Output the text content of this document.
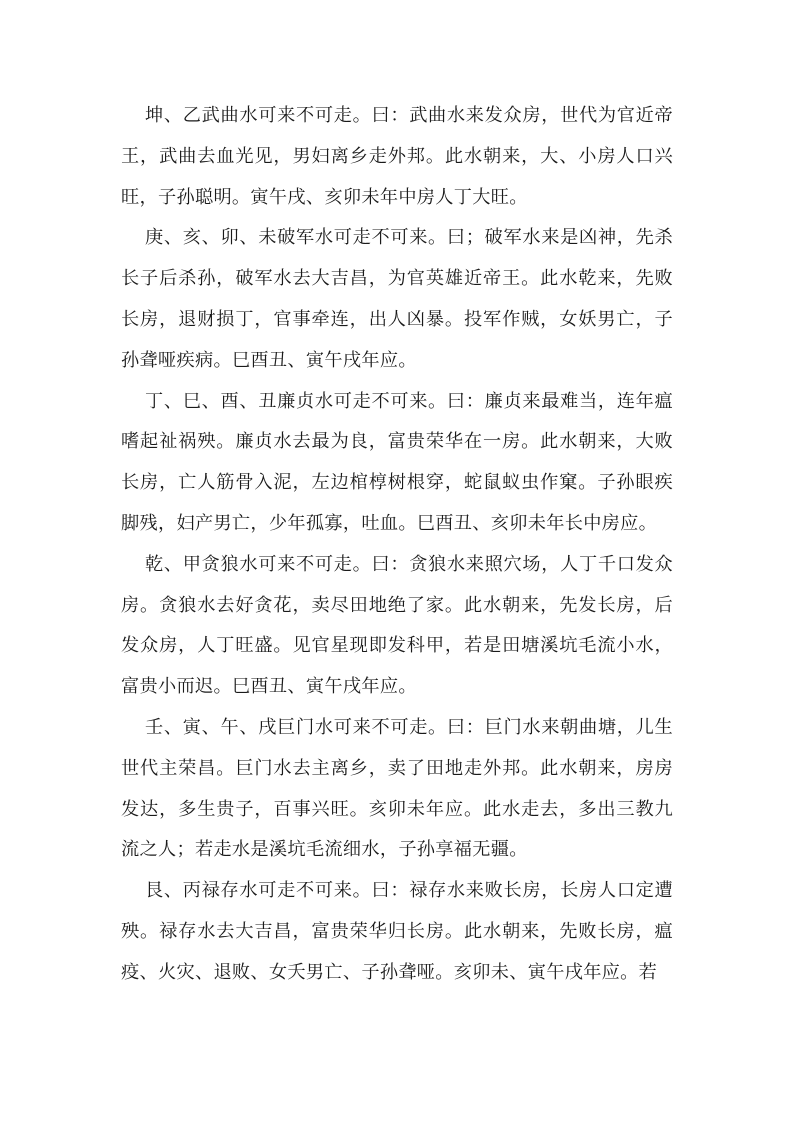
坤、乙武曲水可来不可走。曰：武曲水来发众房，世代为官近帝王，武曲去血光见，男妇离乡走外邦。此水朝来，大、小房人口兴旺，子孙聪明。寅午戌、亥卯未年中房人丁大旺。

庚、亥、卯、未破军水可走不可来。曰；破军水来是凶神，先杀长子后杀孙，破军水去大吉昌，为官英雄近帝王。此水乾来，先败长房，退财损丁，官事牵连，出人凶暴。投军作贼，女妖男亡，子孙聋哑疾病。巳酉丑、寅午戌年应。

丁、巳、酉、丑廉贞水可走不可来。曰：廉贞来最难当，连年瘟嗜起祉祸殃。廉贞水去最为良，富贵荣华在一房。此水朝来，大败长房，亡人筋骨入泥，左边棺椁树根穿，蛇鼠蚁虫作窠。子孙眼疾脚残，妇产男亡，少年孤寡，吐血。巳酉丑、亥卯未年长中房应。

乾、甲贪狼水可来不可走。曰：贪狼水来照穴场，人丁千口发众房。贪狼水去好贪花，卖尽田地绝了家。此水朝来，先发长房，后发众房，人丁旺盛。见官星现即发科甲，若是田塘溪坑毛流小水，富贵小而迟。巳酉丑、寅午戌年应。

壬、寅、午、戌巨门水可来不可走。曰：巨门水来朝曲塘，儿生世代主荣昌。巨门水去主离乡，卖了田地走外邦。此水朝来，房房发达，多生贵子，百事兴旺。亥卯未年应。此水走去，多出三教九流之人；若走水是溪坑毛流细水，子孙享福无疆。

艮、丙禄存水可走不可来。曰：禄存水来败长房，长房人口定遭殃。禄存水去大吉昌，富贵荣华归长房。此水朝来，先败长房，瘟疫、火灾、退败、女夭男亡、子孙聋哑。亥卯未、寅午戌年应。若
